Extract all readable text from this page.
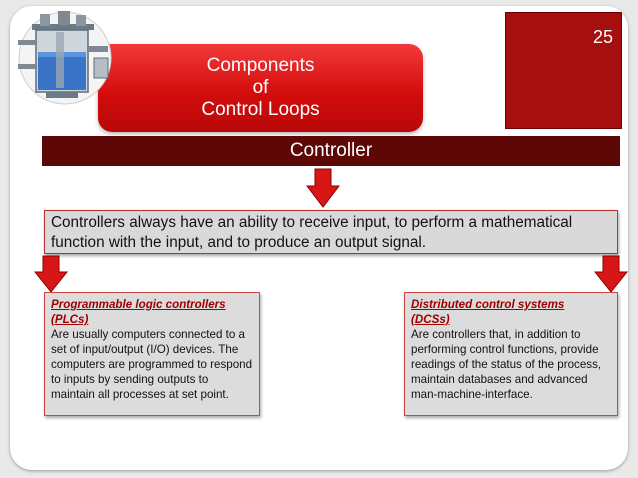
25
Components
of
Control Loops
Controller
Controllers always have an ability to receive input, to perform a mathematical function with the input, and to produce an output signal.
Programmable logic controllers
(PLCs)
Are usually computers connected to a set of input/output (I/O) devices. The computers are programmed to respond to inputs by sending outputs to maintain all processes at set point.
Distributed control systems
(DCSs)
Are controllers that, in addition to performing control functions, provide readings of the status of the process, maintain databases and advanced man-machine-interface.
